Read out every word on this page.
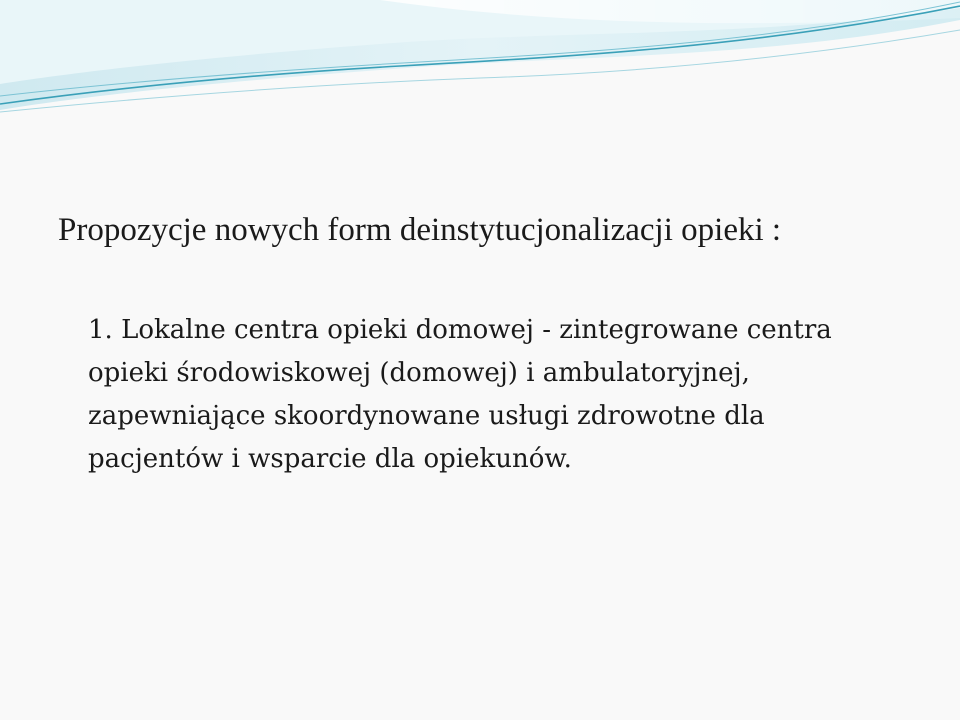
Propozycje nowych form deinstytucjonalizacji opieki :

1. Lokalne centra opieki domowej - zintegrowane centra opieki środowiskowej (domowej) i ambulatoryjnej, zapewniające skoordynowane usługi zdrowotne dla pacjentów i wsparcie dla opiekunów.
